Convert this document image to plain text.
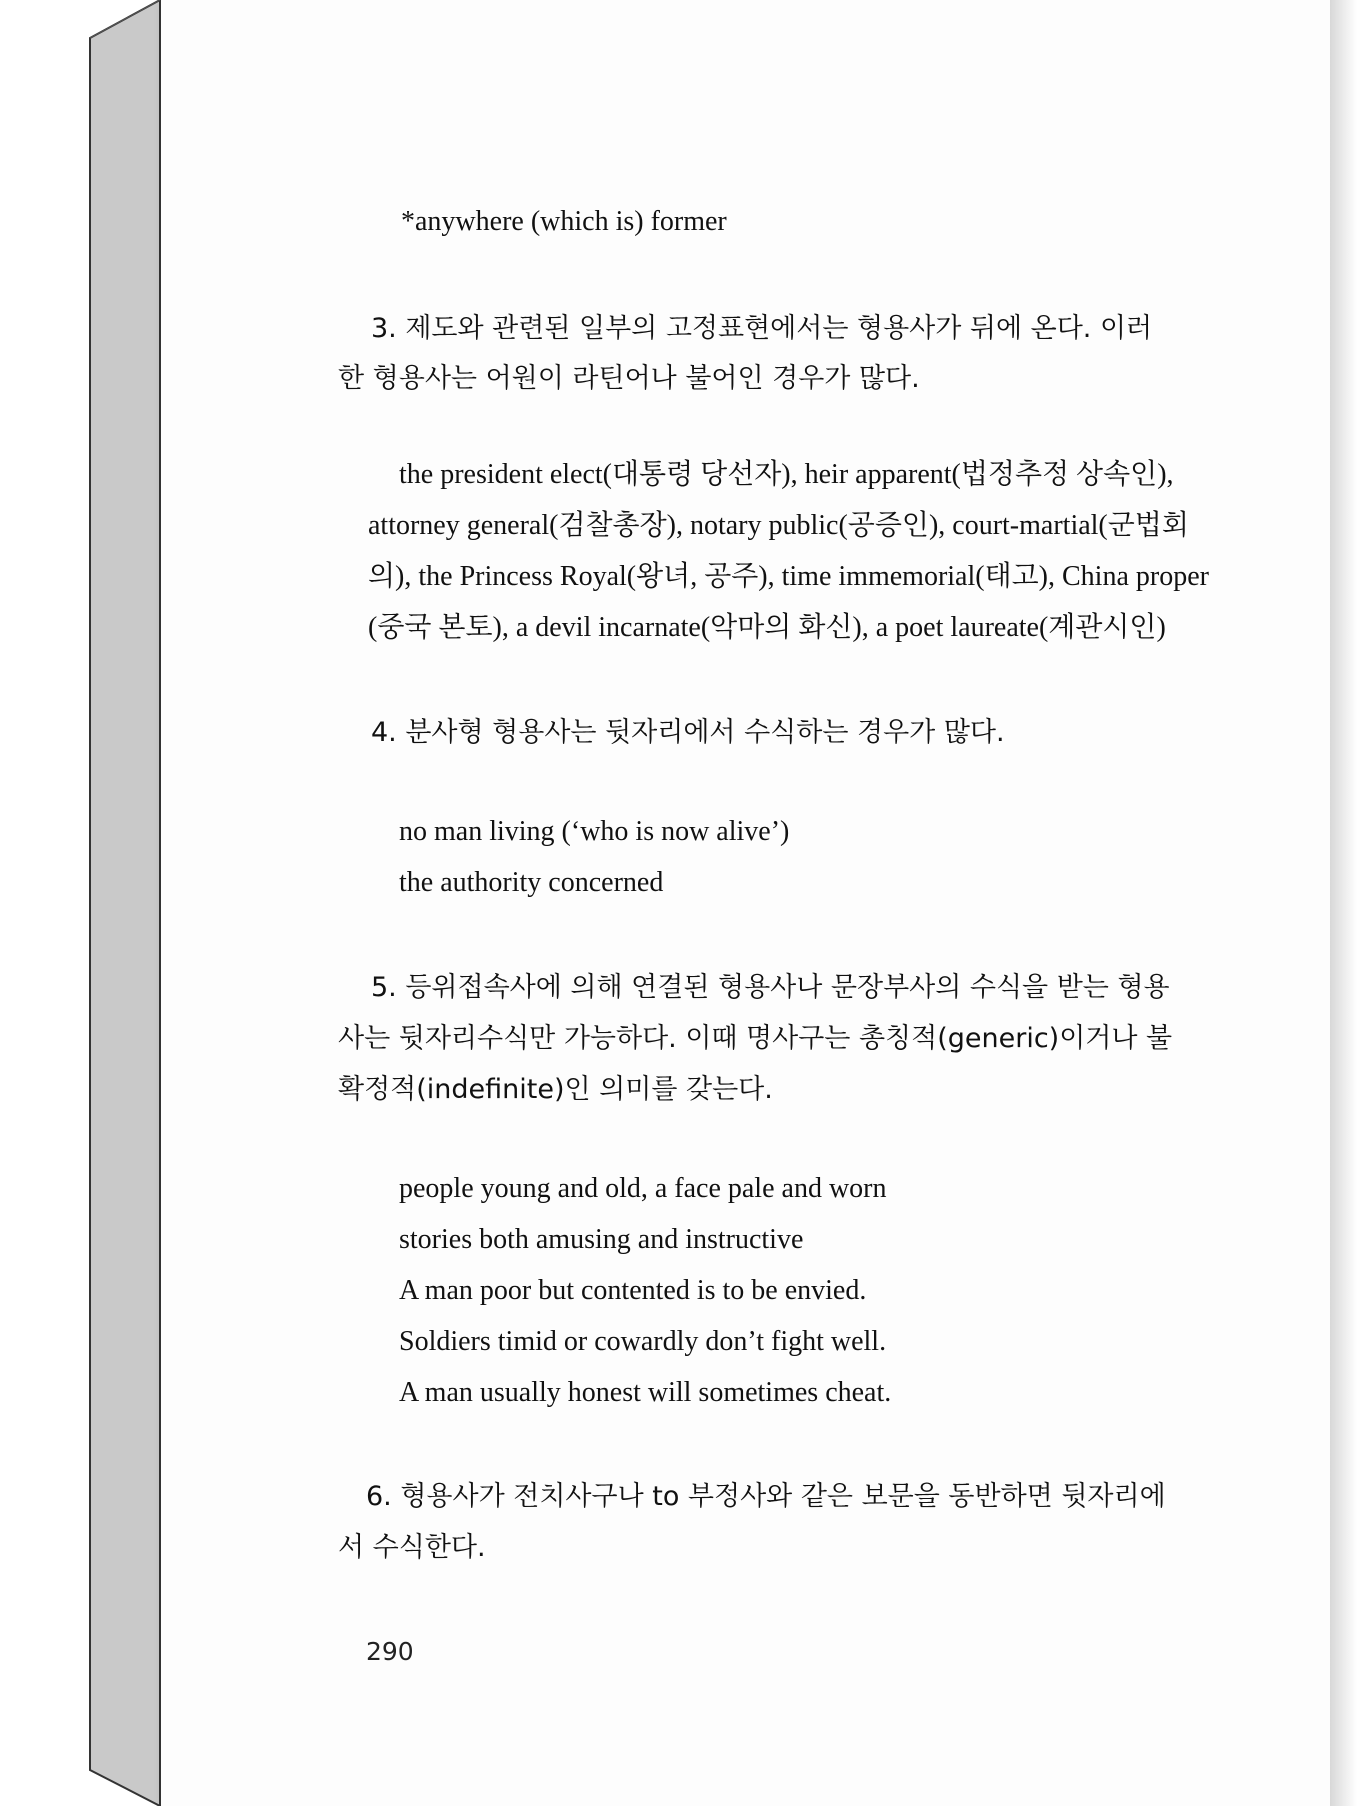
*anywhere (which is) former
3. 제도와 관련된 일부의 고정표현에서는 형용사가 뒤에 온다. 이러
한 형용사는 어원이 라틴어나 불어인 경우가 많다.
the president elect(대통령 당선자), heir apparent(법정추정 상속인),
attorney general(검찰총장), notary public(공증인), court-martial(군법회
의), the Princess Royal(왕녀, 공주), time immemorial(태고), China proper
(중국 본토), a devil incarnate(악마의 화신), a poet laureate(계관시인)
4. 분사형 형용사는 뒷자리에서 수식하는 경우가 많다.
no man living (‘who is now alive’)
the authority concerned
5. 등위접속사에 의해 연결된 형용사나 문장부사의 수식을 받는 형용
사는 뒷자리수식만 가능하다. 이때 명사구는 총칭적(generic)이거나 불
확정적(indefinite)인 의미를 갖는다.
people young and old, a face pale and worn
stories both amusing and instructive
A man poor but contented is to be envied.
Soldiers timid or cowardly don’t fight well.
A man usually honest will sometimes cheat.
6. 형용사가 전치사구나 to 부정사와 같은 보문을 동반하면 뒷자리에
서 수식한다.
290
